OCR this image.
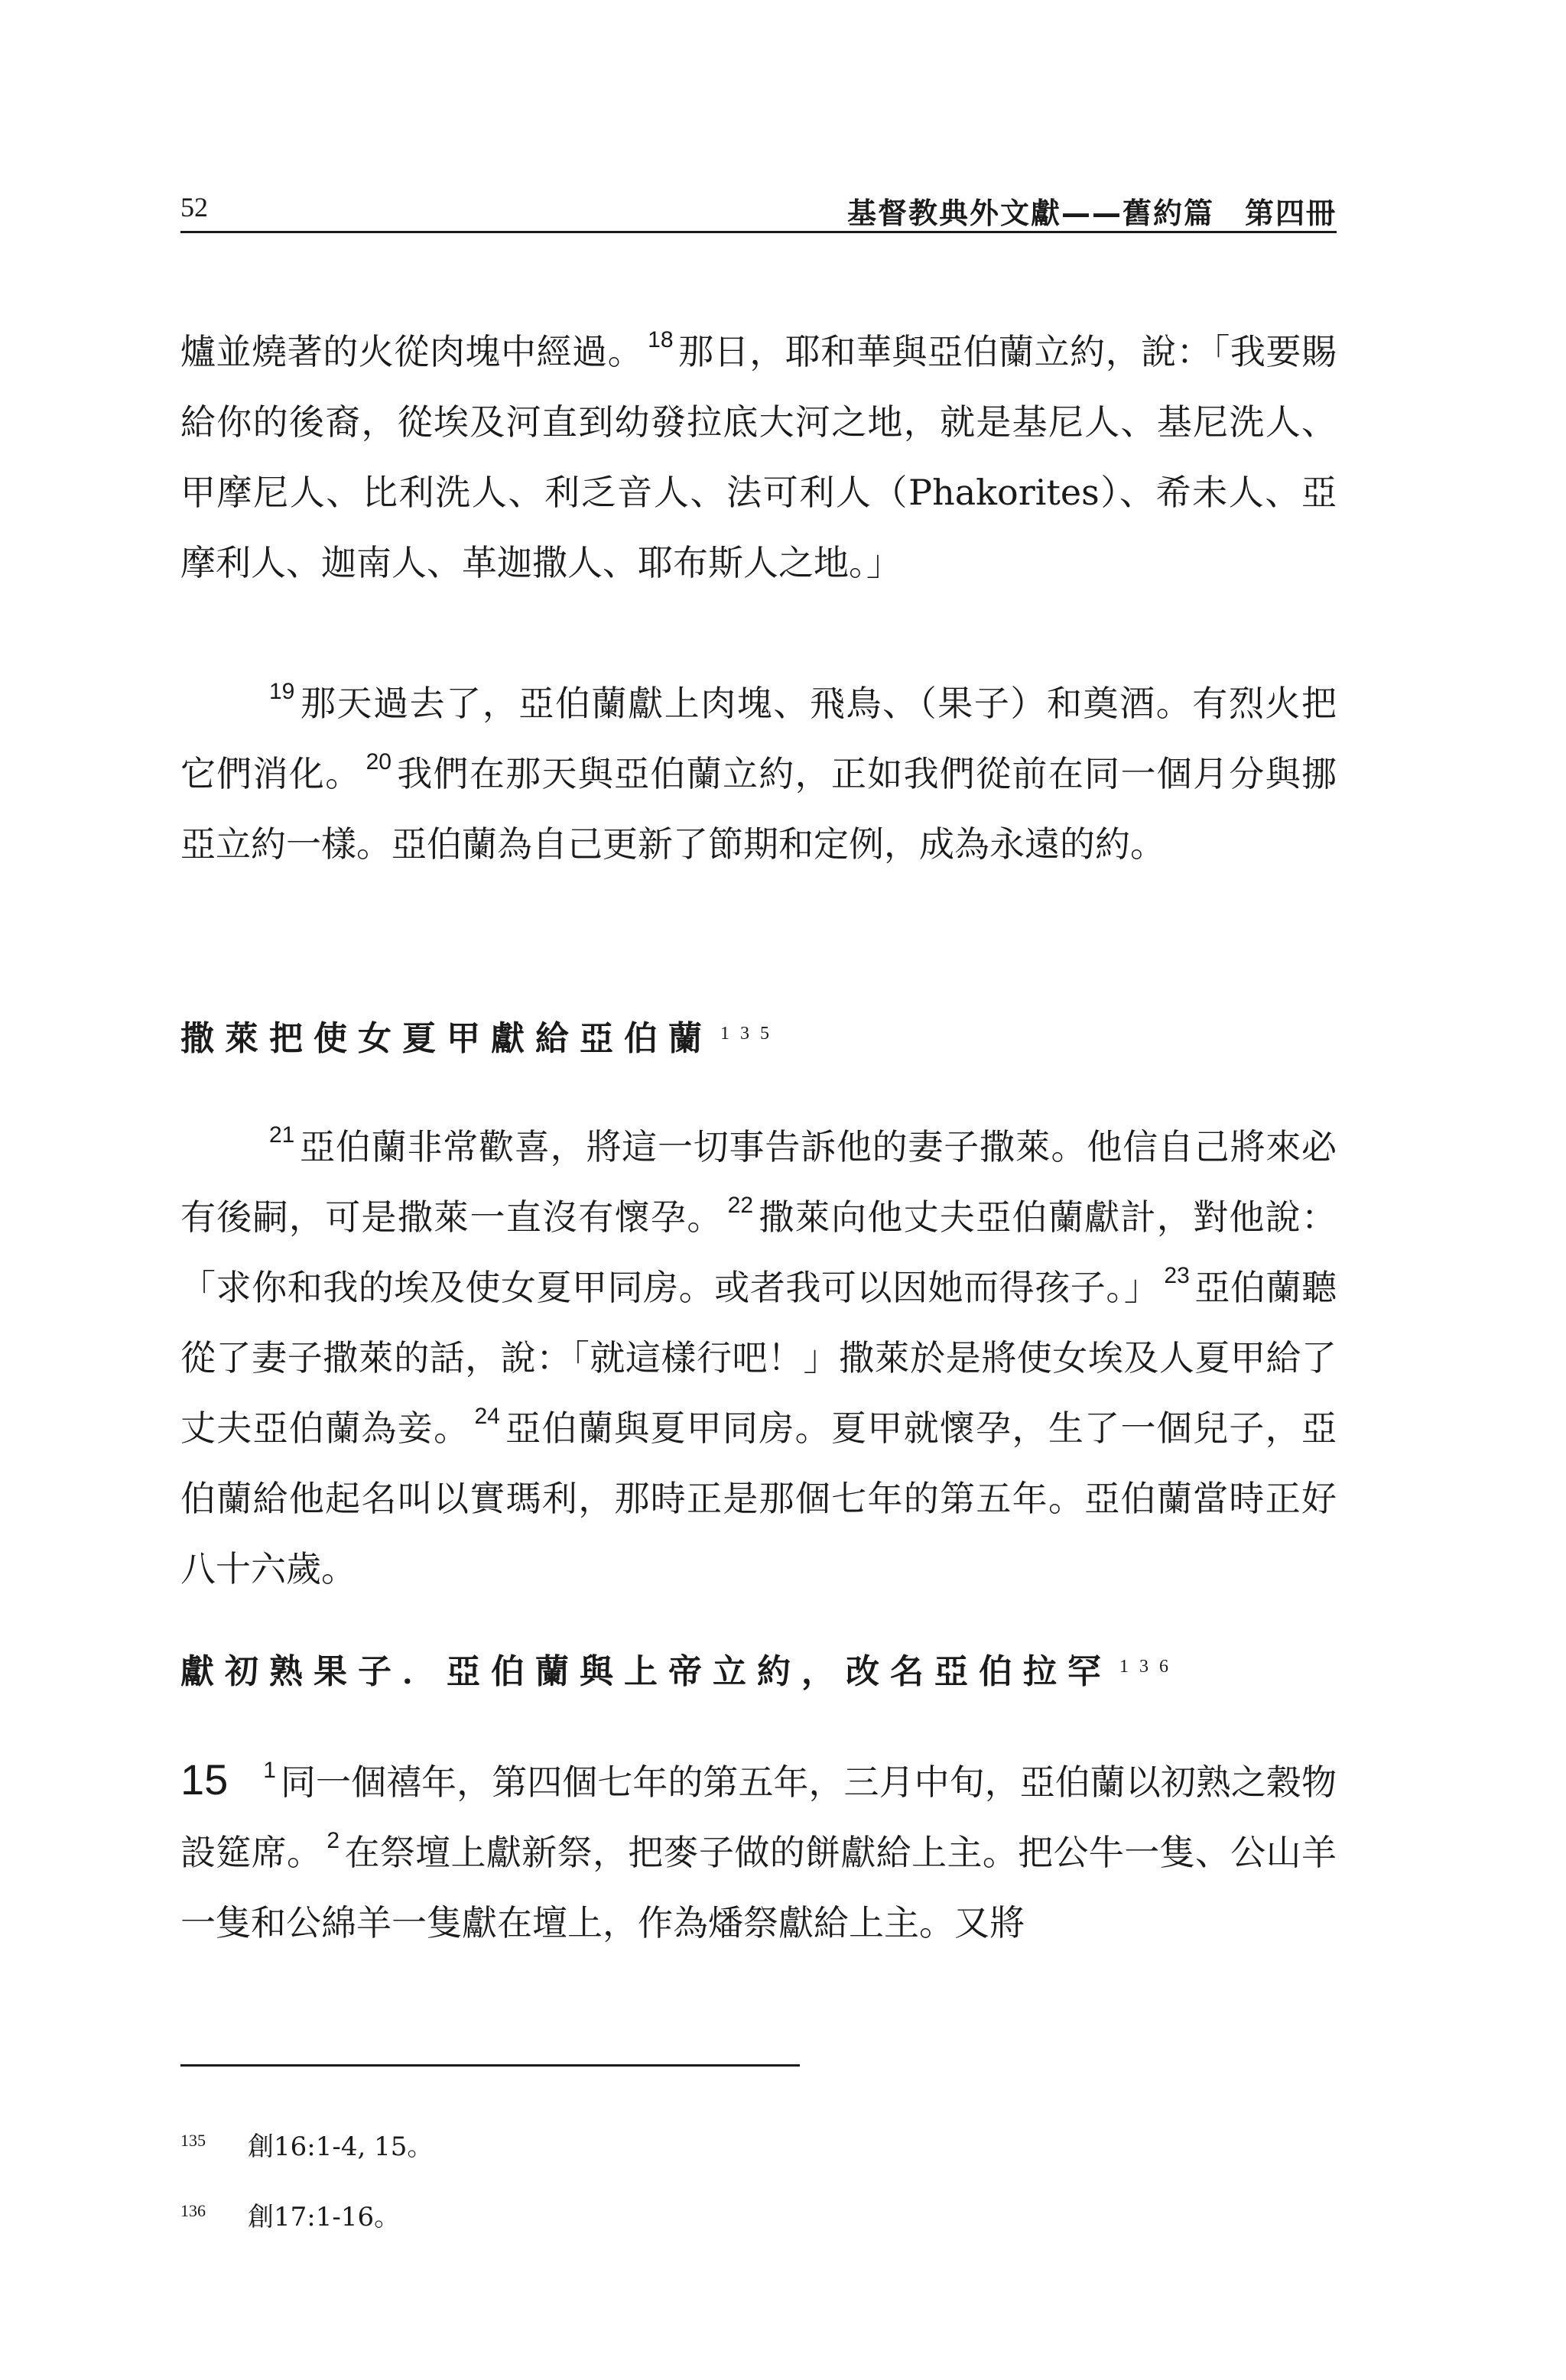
52	基督教典外文獻——舊約篇 第四冊

爐並燒著的火從肉塊中經過。 $^{18}$ 那日，耶和華與亞伯蘭立約，說：「我要賜給你的後裔，從埃及河直到幼發拉底大河之地，就是基尼人、基尼洗人、甲摩尼人、比利洗人、利乏音人、法可利人（Phakorites）、希未人、亞摩利人、迦南人、革迦撒人、耶布斯人之地。」

$^{19}$ 那天過去了，亞伯蘭獻上肉塊、飛鳥、（果子）和奠酒。有烈火把它們消化。 $^{20}$ 我們在那天與亞伯蘭立約，正如我們從前在同一個月分與挪亞立約一樣。亞伯蘭為自己更新了節期和定例，成為永遠的約。

撒萊把使女夏甲獻給亞伯蘭 $^{135}$

$^{21}$ 亞伯蘭非常歡喜，將這一切事告訴他的妻子撒萊。他信自己將來必有後嗣，可是撒萊一直沒有懷孕。 $^{22}$ 撒萊向他丈夫亞伯蘭獻計，對他說：「求你和我的埃及使女夏甲同房。或者我可以因她而得孩子。」 $^{23}$ 亞伯蘭聽從了妻子撒萊的話，說：「就這樣行吧！」撒萊於是將使女埃及人夏甲給了丈夫亞伯蘭為妾。 $^{24}$ 亞伯蘭與夏甲同房。夏甲就懷孕，生了一個兒子，亞伯蘭給他起名叫以實瑪利，那時正是那個七年的第五年。亞伯蘭當時正好八十六歲。

獻初熟果子．亞伯蘭與上帝立約，改名亞伯拉罕 $^{136}$

15 $^1$ 同一個禧年，第四個七年的第五年，三月中旬，亞伯蘭以初熟之穀物設筵席。 $^2$ 在祭壇上獻新祭，把麥子做的餅獻給上主。把公牛一隻、公山羊一隻和公綿羊一隻獻在壇上，作為燔祭獻給上主。又將

135 創16:1-4, 15。
136 創17:1-16。
